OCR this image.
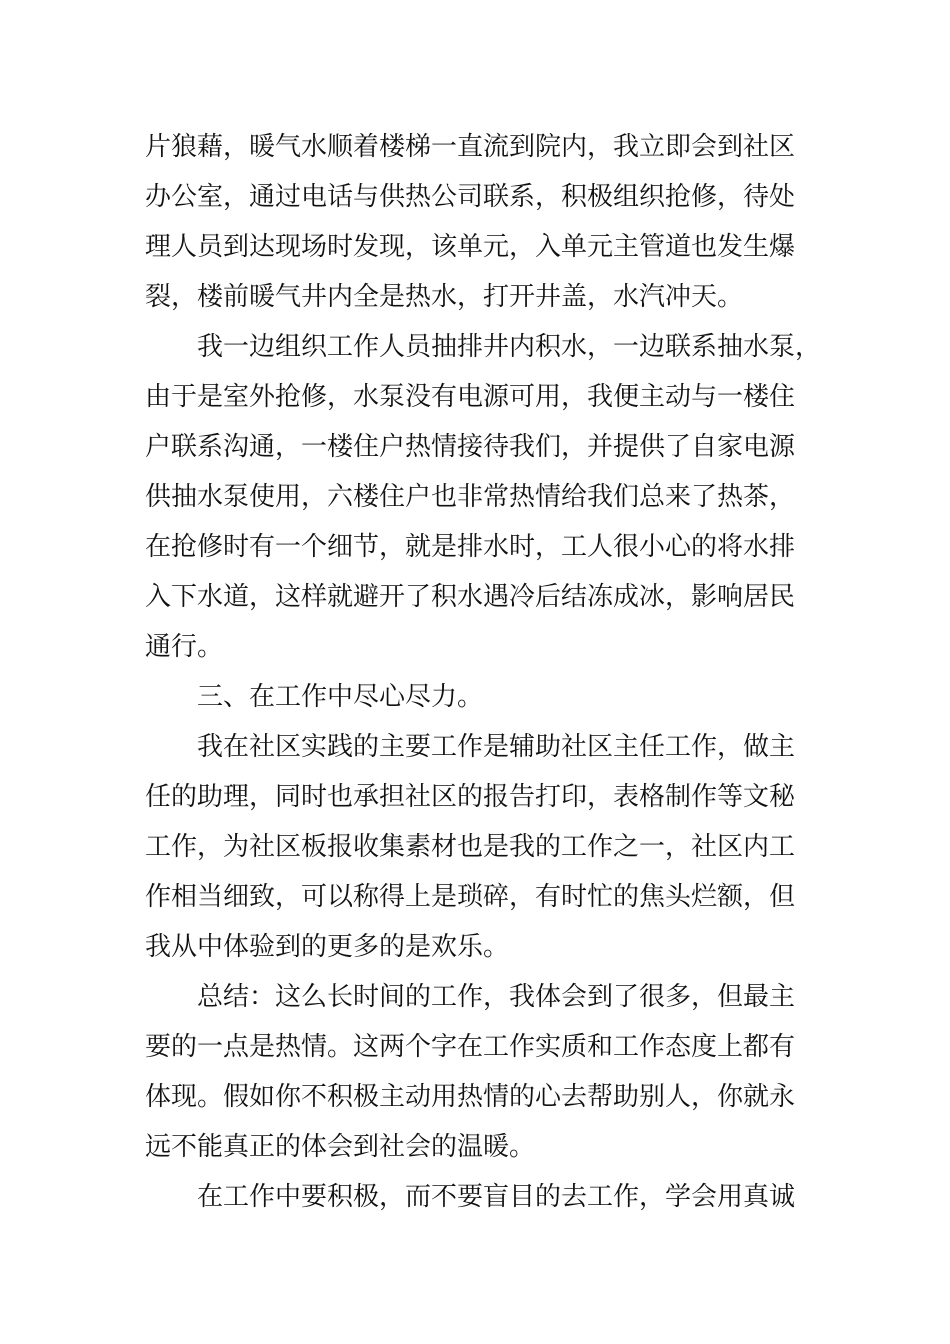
片狼藉，暖气水顺着楼梯一直流到院内，我立即会到社区
办公室，通过电话与供热公司联系，积极组织抢修，待处
理人员到达现场时发现，该单元，入单元主管道也发生爆
裂，楼前暖气井内全是热水，打开井盖，水汽冲天。
我一边组织工作人员抽排井内积水，一边联系抽水泵，
由于是室外抢修，水泵没有电源可用，我便主动与一楼住
户联系沟通，一楼住户热情接待我们，并提供了自家电源
供抽水泵使用，六楼住户也非常热情给我们总来了热茶，
在抢修时有一个细节，就是排水时，工人很小心的将水排
入下水道，这样就避开了积水遇冷后结冻成冰，影响居民
通行。
三、在工作中尽心尽力。
我在社区实践的主要工作是辅助社区主任工作，做主
任的助理，同时也承担社区的报告打印，表格制作等文秘
工作，为社区板报收集素材也是我的工作之一，社区内工
作相当细致，可以称得上是琐碎，有时忙的焦头烂额，但
我从中体验到的更多的是欢乐。
总结：这么长时间的工作，我体会到了很多，但最主
要的一点是热情。这两个字在工作实质和工作态度上都有
体现。假如你不积极主动用热情的心去帮助别人，你就永
远不能真正的体会到社会的温暖。
在工作中要积极，而不要盲目的去工作，学会用真诚
